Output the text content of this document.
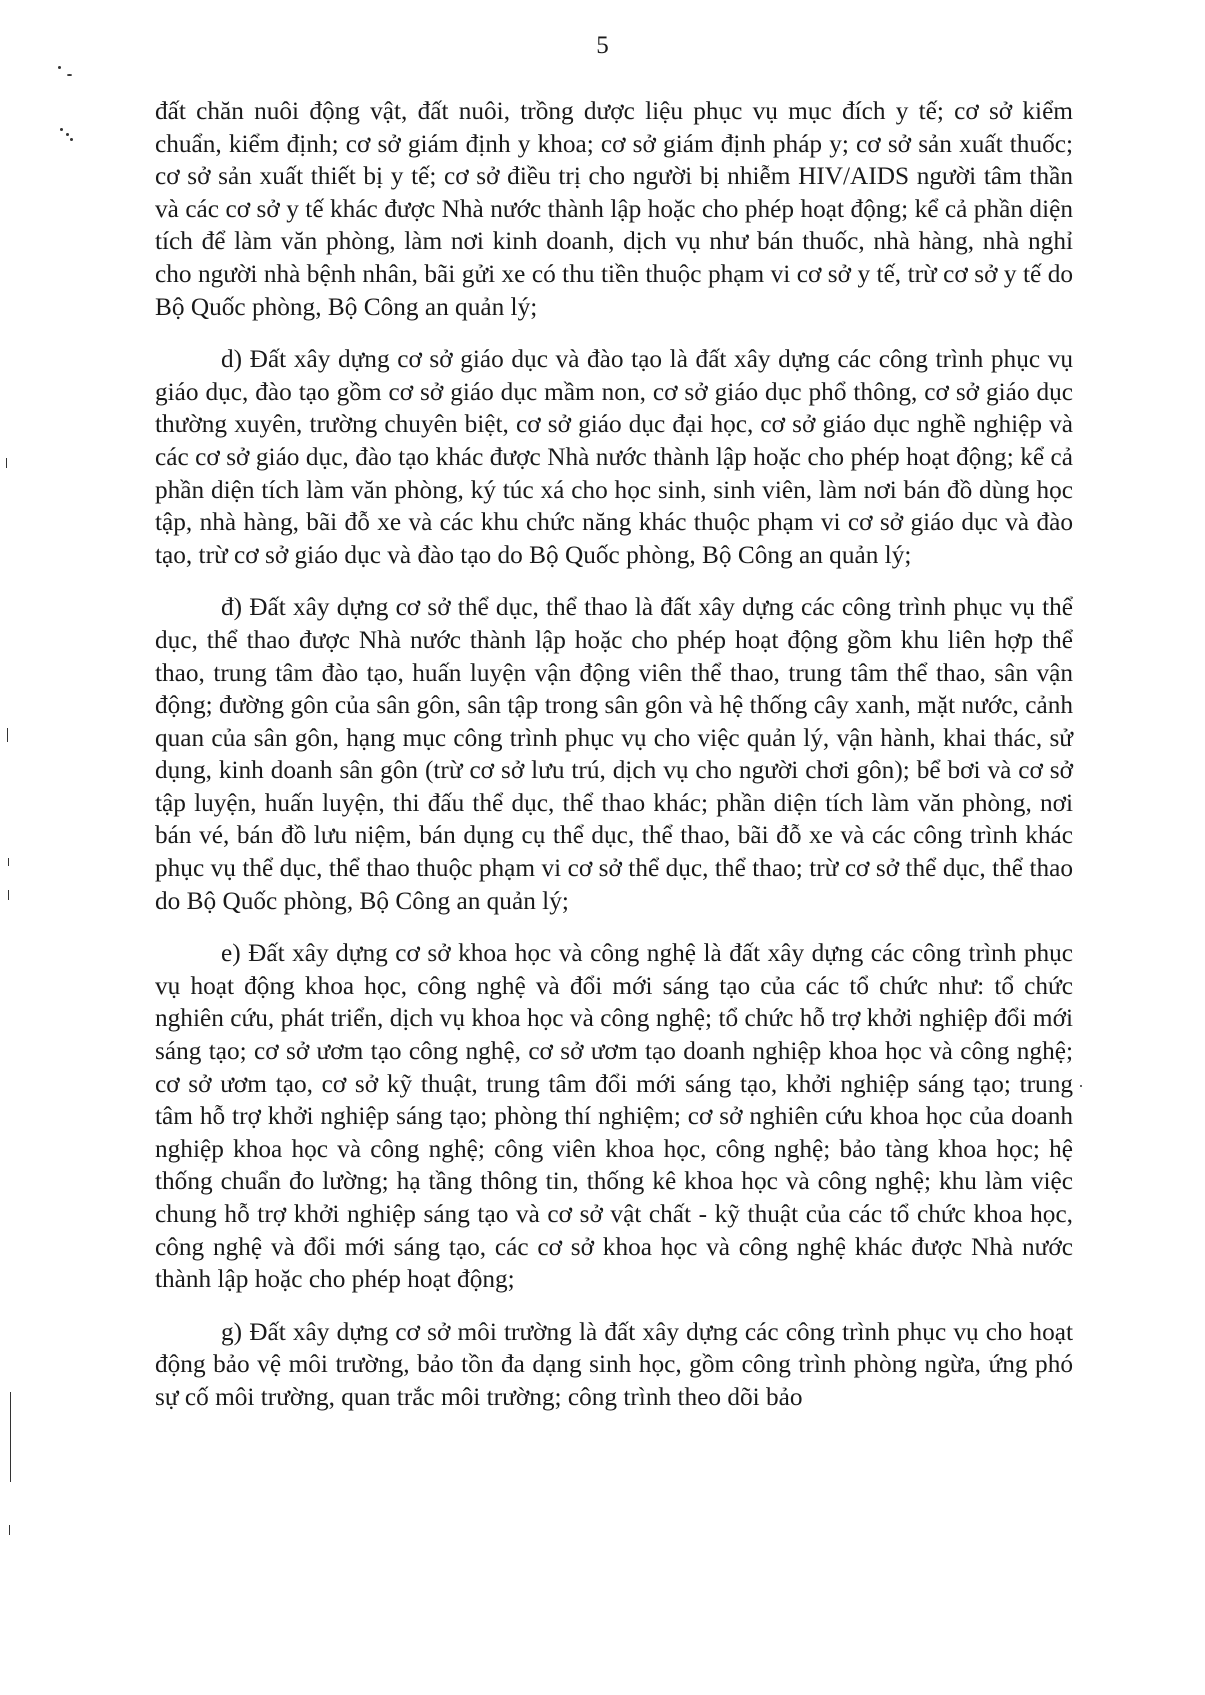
5

đất chăn nuôi động vật, đất nuôi, trồng dược liệu phục vụ mục đích y tế; cơ sở kiểm chuẩn, kiểm định; cơ sở giám định y khoa; cơ sở giám định pháp y; cơ sở sản xuất thuốc; cơ sở sản xuất thiết bị y tế; cơ sở điều trị cho người bị nhiễm HIV/AIDS người tâm thần và các cơ sở y tế khác được Nhà nước thành lập hoặc cho phép hoạt động; kể cả phần diện tích để làm văn phòng, làm nơi kinh doanh, dịch vụ như bán thuốc, nhà hàng, nhà nghỉ cho người nhà bệnh nhân, bãi gửi xe có thu tiền thuộc phạm vi cơ sở y tế, trừ cơ sở y tế do Bộ Quốc phòng, Bộ Công an quản lý;

d) Đất xây dựng cơ sở giáo dục và đào tạo là đất xây dựng các công trình phục vụ giáo dục, đào tạo gồm cơ sở giáo dục mầm non, cơ sở giáo dục phổ thông, cơ sở giáo dục thường xuyên, trường chuyên biệt, cơ sở giáo dục đại học, cơ sở giáo dục nghề nghiệp và các cơ sở giáo dục, đào tạo khác được Nhà nước thành lập hoặc cho phép hoạt động; kể cả phần diện tích làm văn phòng, ký túc xá cho học sinh, sinh viên, làm nơi bán đồ dùng học tập, nhà hàng, bãi đỗ xe và các khu chức năng khác thuộc phạm vi cơ sở giáo dục và đào tạo, trừ cơ sở giáo dục và đào tạo do Bộ Quốc phòng, Bộ Công an quản lý;

đ) Đất xây dựng cơ sở thể dục, thể thao là đất xây dựng các công trình phục vụ thể dục, thể thao được Nhà nước thành lập hoặc cho phép hoạt động gồm khu liên hợp thể thao, trung tâm đào tạo, huấn luyện vận động viên thể thao, trung tâm thể thao, sân vận động; đường gôn của sân gôn, sân tập trong sân gôn và hệ thống cây xanh, mặt nước, cảnh quan của sân gôn, hạng mục công trình phục vụ cho việc quản lý, vận hành, khai thác, sử dụng, kinh doanh sân gôn (trừ cơ sở lưu trú, dịch vụ cho người chơi gôn); bể bơi và cơ sở tập luyện, huấn luyện, thi đấu thể dục, thể thao khác; phần diện tích làm văn phòng, nơi bán vé, bán đồ lưu niệm, bán dụng cụ thể dục, thể thao, bãi đỗ xe và các công trình khác phục vụ thể dục, thể thao thuộc phạm vi cơ sở thể dục, thể thao; trừ cơ sở thể dục, thể thao do Bộ Quốc phòng, Bộ Công an quản lý;

e) Đất xây dựng cơ sở khoa học và công nghệ là đất xây dựng các công trình phục vụ hoạt động khoa học, công nghệ và đổi mới sáng tạo của các tổ chức như: tổ chức nghiên cứu, phát triển, dịch vụ khoa học và công nghệ; tổ chức hỗ trợ khởi nghiệp đổi mới sáng tạo; cơ sở ươm tạo công nghệ, cơ sở ươm tạo doanh nghiệp khoa học và công nghệ; cơ sở ươm tạo, cơ sở kỹ thuật, trung tâm đổi mới sáng tạo, khởi nghiệp sáng tạo; trung tâm hỗ trợ khởi nghiệp sáng tạo; phòng thí nghiệm; cơ sở nghiên cứu khoa học của doanh nghiệp khoa học và công nghệ; công viên khoa học, công nghệ; bảo tàng khoa học; hệ thống chuẩn đo lường; hạ tầng thông tin, thống kê khoa học và công nghệ; khu làm việc chung hỗ trợ khởi nghiệp sáng tạo và cơ sở vật chất - kỹ thuật của các tổ chức khoa học, công nghệ và đổi mới sáng tạo, các cơ sở khoa học và công nghệ khác được Nhà nước thành lập hoặc cho phép hoạt động;

g) Đất xây dựng cơ sở môi trường là đất xây dựng các công trình phục vụ cho hoạt động bảo vệ môi trường, bảo tồn đa dạng sinh học, gồm công trình phòng ngừa, ứng phó sự cố môi trường, quan trắc môi trường; công trình theo dõi bảo
